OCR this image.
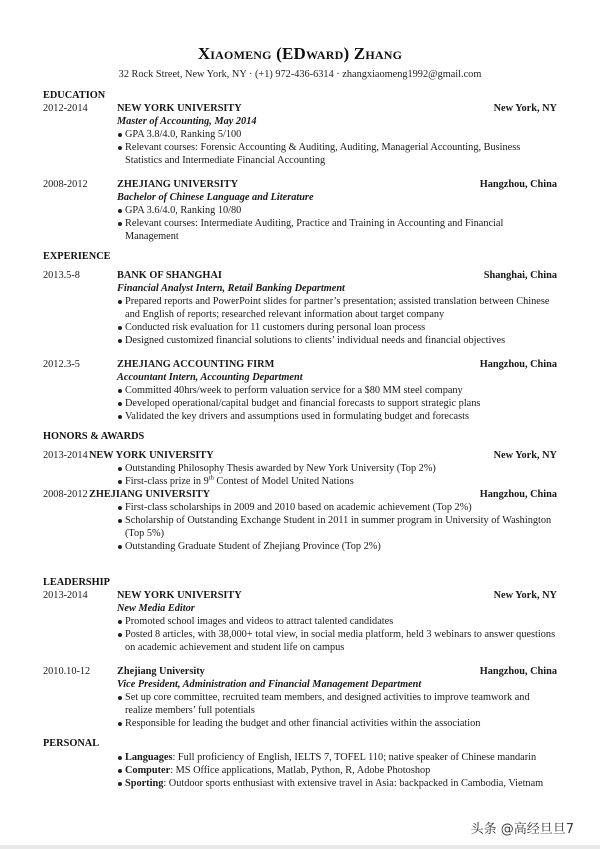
Xiaomeng (EDward) Zhang
32 Rock Street, New York, NY · (+1) 972-436-6314 · zhangxiaomeng1992@gmail.com
EDUCATION
2012-2014	NEW YORK UNIVERSITY	New York, NY
Master of Accounting, May 2014
GPA 3.8/4.0, Ranking 5/100
Relevant courses: Forensic Accounting & Auditing, Auditing, Managerial Accounting, Business Statistics and Intermediate Financial Accounting
2008-2012	ZHEJIANG UNIVERSITY	Hangzhou, China
Bachelor of Chinese Language and Literature
GPA 3.6/4.0, Ranking 10/80
Relevant courses: Intermediate Auditing, Practice and Training in Accounting and Financial Management
EXPERIENCE
2013.5-8	BANK OF SHANGHAI	Shanghai, China
Financial Analyst Intern, Retail Banking Department
Prepared reports and PowerPoint slides for partner’s presentation; assisted translation between Chinese and English of reports; researched relevant information about target company
Conducted risk evaluation for 11 customers during personal loan process
Designed customized financial solutions to clients’ individual needs and financial objectives
2012.3-5	ZHEJIANG ACCOUNTING FIRM	Hangzhou, China
Accountant Intern, Accounting Department
Committed 40hrs/week to perform valuation service for a $80 MM steel company
Developed operational/capital budget and financial forecasts to support strategic plans
Validated the key drivers and assumptions used in formulating budget and forecasts
HONORS & AWARDS
2013-2014 NEW YORK UNIVERSITY	New York, NY
Outstanding Philosophy Thesis awarded by New York University (Top 2%)
First-class prize in 9th Contest of Model United Nations
2008-2012 ZHEJIANG UNIVERSITY	Hangzhou, China
First-class scholarships in 2009 and 2010 based on academic achievement (Top 2%)
Scholarship of Outstanding Exchange Student in 2011 in summer program in University of Washington (Top 5%)
Outstanding Graduate Student of Zhejiang Province (Top 2%)
LEADERSHIP
2013-2014	NEW YORK UNIVERSITY	New York, NY
New Media Editor
Promoted school images and videos to attract talented candidates
Posted 8 articles, with 38,000+ total view, in social media platform, held 3 webinars to answer questions on academic achievement and student life on campus
2010.10-12	Zhejiang University	Hangzhou, China
Vice President, Administration and Financial Management Department
Set up core committee, recruited team members, and designed activities to improve teamwork and realize members’ full potentials
Responsible for leading the budget and other financial activities within the association
PERSONAL
Languages: Full proficiency of English, IELTS 7, TOFEL 110; native speaker of Chinese mandarin
Computer: MS Office applications, Matlab, Python, R, Adobe Photoshop
Sporting: Outdoor sports enthusiast with extensive travel in Asia: backpacked in Cambodia, Vietnam
头条 @高经旦旦7
